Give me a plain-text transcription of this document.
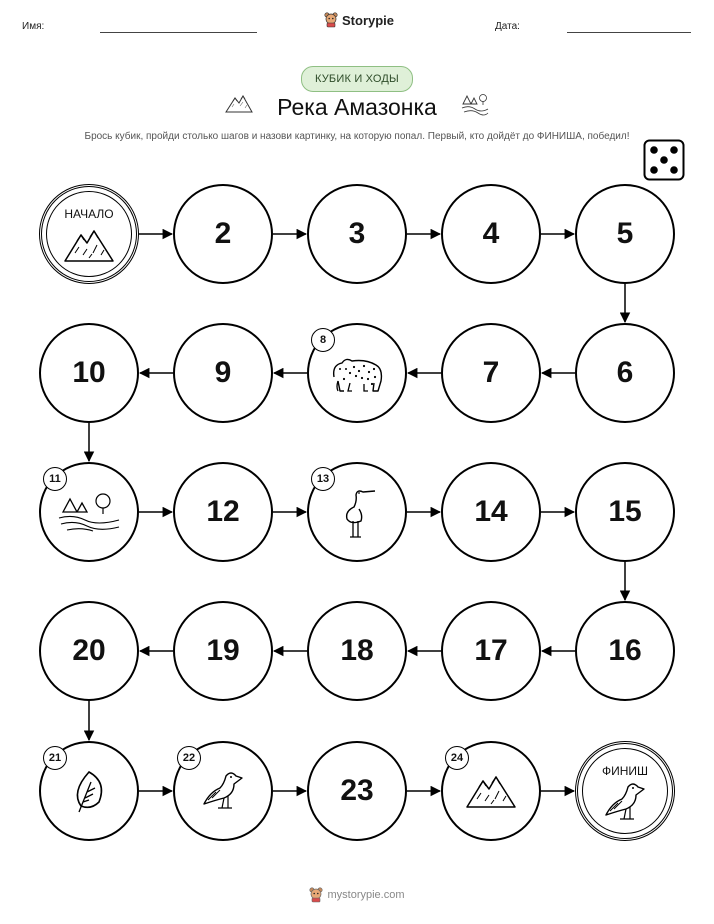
Имя:	Storypie	Дата:
КУБИК И ХОДЫ
Река Амазонка
Брось кубик, пройди столько шагов и назови картинку, на которую попал. Первый, кто дойдёт до ФИНИША, победил!
НАЧАЛО
2	3	4	5
6
7
8
9
10
11
12
13
14	15
16
17
18
19
20
21	22
23
24
ФИНИШ
mystorypie.com
